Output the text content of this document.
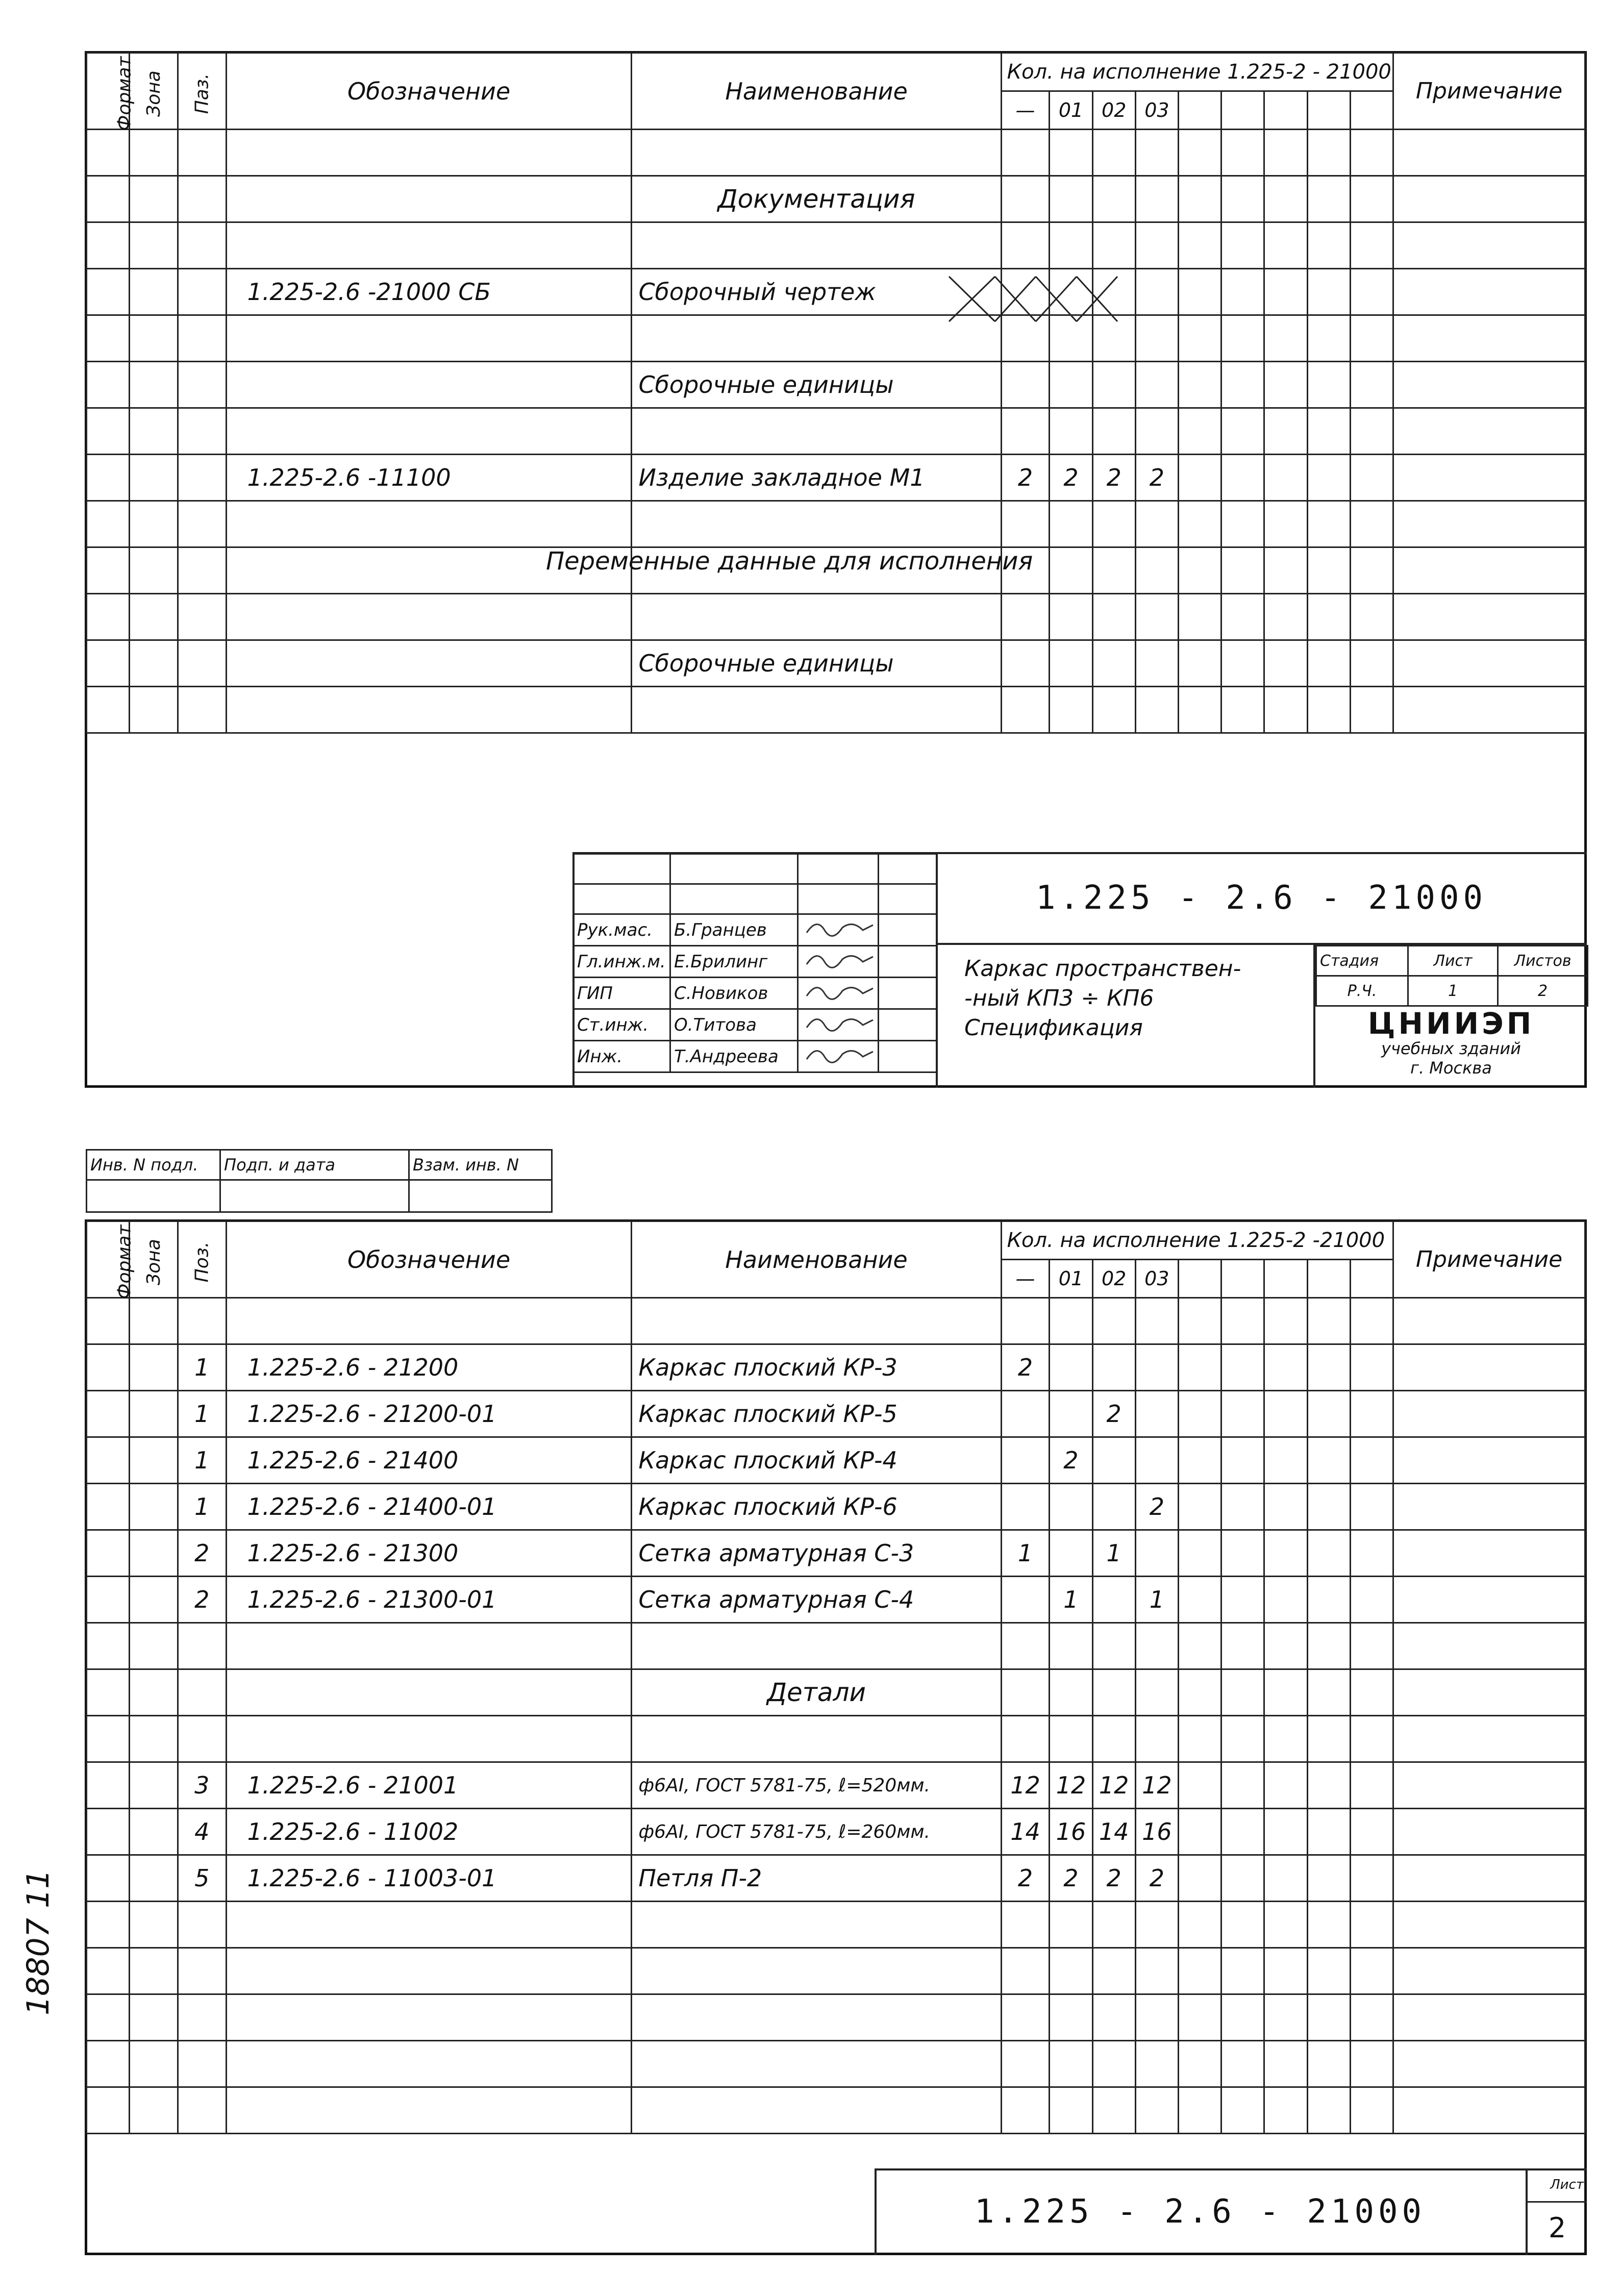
Формат	Зона	Паз.	Обозначение	Наименование	Кол. на исполнение 1.225-2 - 21000									Примечание
					—	01	02	03						

				Документация										

			1.225-2.6 -21000 СБ	Сборочный чертеж										

				Сборочные единицы										

			1.225-2.6 -11100	Изделие закладное М1	2	2	2	2						

				Сборочные единицы										

Переменные данные для исполнения

Рук.мас.	Б.Гранцев		
Гл.инж.м.	Е.Брилинг		
ГИП	С.Новиков		
Ст.инж.	О.Титова		
Инж.	Т.Андреева		
1.225 - 2.6 - 21000
Каркас пространствен-
-ный КП3 ÷ КП6
Спецификация
Стадия	Лист	Листов
Р.Ч.	1	2
ЦНИИЭП
учебных зданий
г. Москва
Инв. N подл.	Подп. и дата	Взам. инв. N

Формат	Зона	Поз.	Обозначение	Наименование	Кол. на исполнение 1.225-2 -21000									Примечание
					—	01	02	03						

		1	1.225-2.6 - 21200	Каркас плоский КР-3	2									
		1	1.225-2.6 - 21200-01	Каркас плоский КР-5			2							
		1	1.225-2.6 - 21400	Каркас плоский КР-4		2								
		1	1.225-2.6 - 21400-01	Каркас плоский КР-6				2						
		2	1.225-2.6 - 21300	Сетка арматурная С-3	1		1							
		2	1.225-2.6 - 21300-01	Сетка арматурная С-4		1		1						

				Детали										

		3	1.225-2.6 - 21001	ф6АI, ГОСТ 5781-75, ℓ=520мм.	12	12	12	12						
		4	1.225-2.6 - 11002	ф6АI, ГОСТ 5781-75, ℓ=260мм.	14	16	14	16						
		5	1.225-2.6 - 11003-01	Петля П-2	2	2	2	2						

1.225 - 2.6 - 21000
Лист
2
18807 11
